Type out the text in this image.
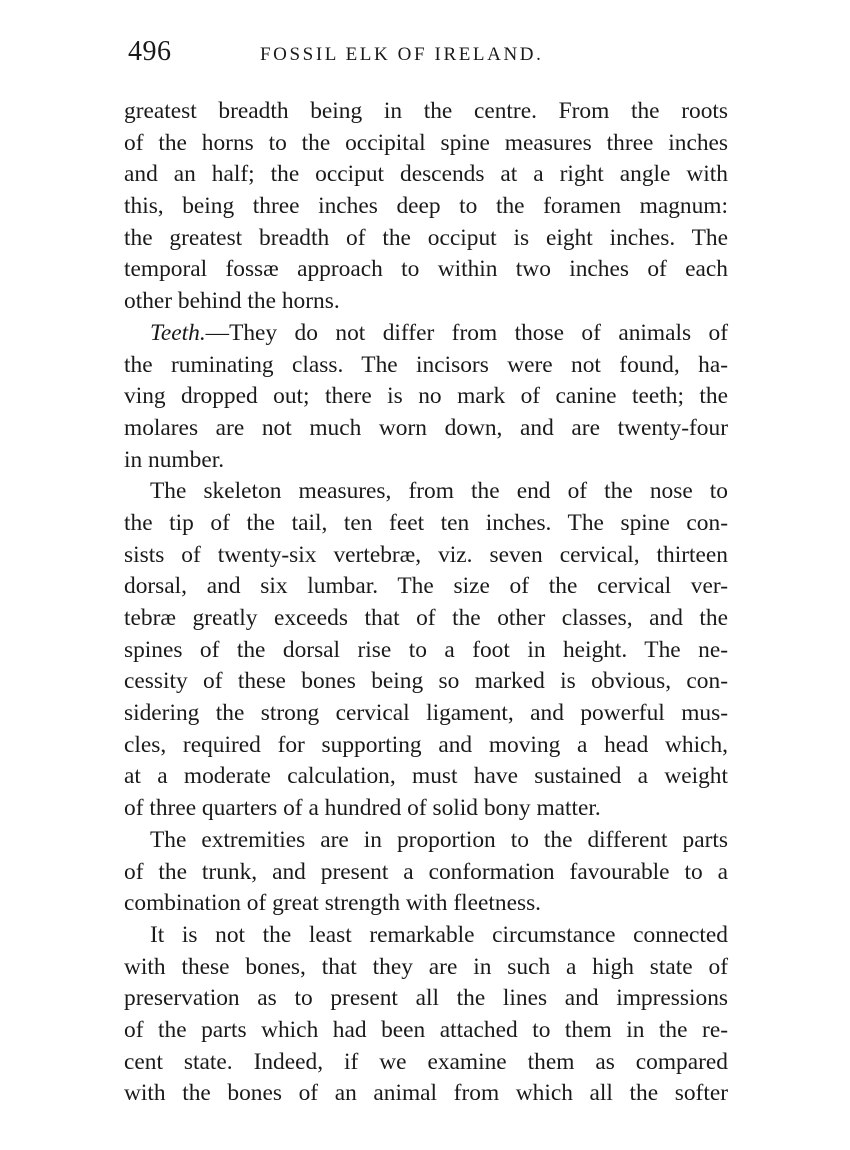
496	FOSSIL ELK OF IRELAND.
greatest breadth being in the centre. From the roots
of the horns to the occipital spine measures three inches
and an half; the occiput descends at a right angle with
this, being three inches deep to the foramen magnum:
the greatest breadth of the occiput is eight inches. The
temporal fossæ approach to within two inches of each
other behind the horns.
Teeth.—They do not differ from those of animals of
the ruminating class. The incisors were not found, ha-
ving dropped out; there is no mark of canine teeth; the
molares are not much worn down, and are twenty-four
in number.
The skeleton measures, from the end of the nose to
the tip of the tail, ten feet ten inches. The spine con-
sists of twenty-six vertebræ, viz. seven cervical, thirteen
dorsal, and six lumbar. The size of the cervical ver-
tebræ greatly exceeds that of the other classes, and the
spines of the dorsal rise to a foot in height. The ne-
cessity of these bones being so marked is obvious, con-
sidering the strong cervical ligament, and powerful mus-
cles, required for supporting and moving a head which,
at a moderate calculation, must have sustained a weight
of three quarters of a hundred of solid bony matter.
The extremities are in proportion to the different parts
of the trunk, and present a conformation favourable to a
combination of great strength with fleetness.
It is not the least remarkable circumstance connected
with these bones, that they are in such a high state of
preservation as to present all the lines and impressions
of the parts which had been attached to them in the re-
cent state. Indeed, if we examine them as compared
with the bones of an animal from which all the softer
